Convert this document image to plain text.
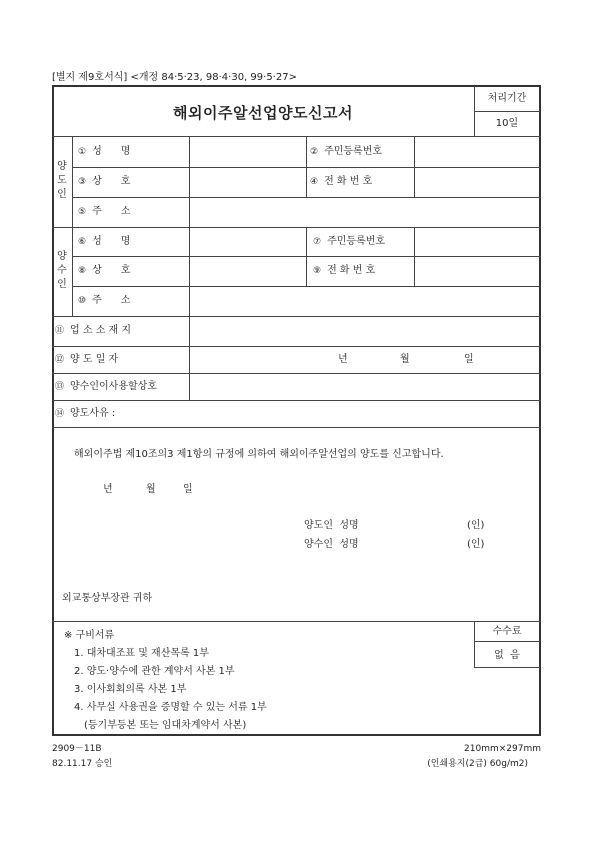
[별지 제9호서식] <개정 84·5·23, 98·4·30, 99·5·27>
해외이주알선업양도신고서
처리기간
10일
양도인
① 성      명	② 주민등록번호
③ 상      호	④ 전 화 번 호
⑤ 주      소
양수인
⑥ 성      명	⑦ 주민등록번호
⑧ 상      호	⑨ 전 화 번 호
⑩ 주      소
⑪ 업 소 소 재 지
⑫ 양 도 일 자	년	월	일
⑬ 양수인이사용할상호
⑭ 양도사유 :
해외이주법 제10조의3 제1항의 규정에 의하여 해외이주알선업의 양도를 신고합니다.
년	월	일
양도인  성명	(인)
양수인  성명	(인)
외교통상부장관 귀하
수수료
없  음
※ 구비서류
1. 대차대조표 및 재산목록 1부
2. 양도·양수에 관한 계약서 사본 1부
3. 이사회회의록 사본 1부
4. 사무실 사용권을 증명할 수 있는 서류 1부
(등기부등본 또는 임대차계약서 사본)
2909－11B
82.11.17 승인
210mm×297mm
(인쇄용지(2급) 60g/m2)
